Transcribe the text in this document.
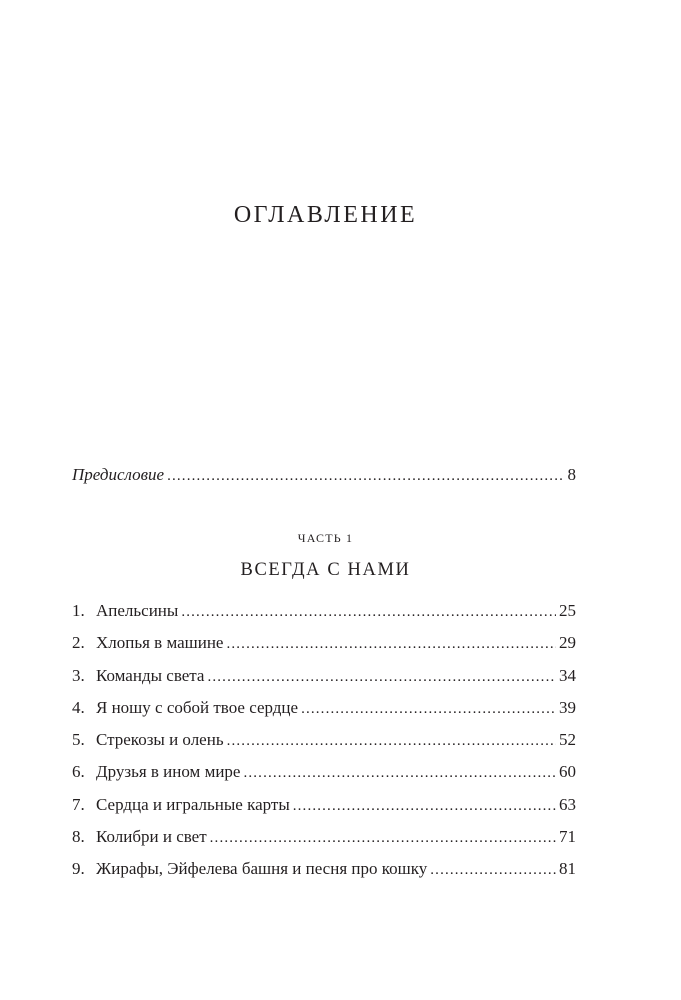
ОГЛАВЛЕНИЕ
Предисловие . . .	8
ЧАСТЬ 1
ВСЕГДА С НАМИ
1. Апельсины . . .	25
2. Хлопья в машине . . .	29
3. Команды света . . .	34
4. Я ношу с собой твое сердце . . .	39
5. Стрекозы и олень . . .	52
6. Друзья в ином мире . . .	60
7. Сердца и игральные карты . . .	63
8. Колибри и свет . . .	71
9. Жирафы, Эйфелева башня и песня про кошку . . .	81
